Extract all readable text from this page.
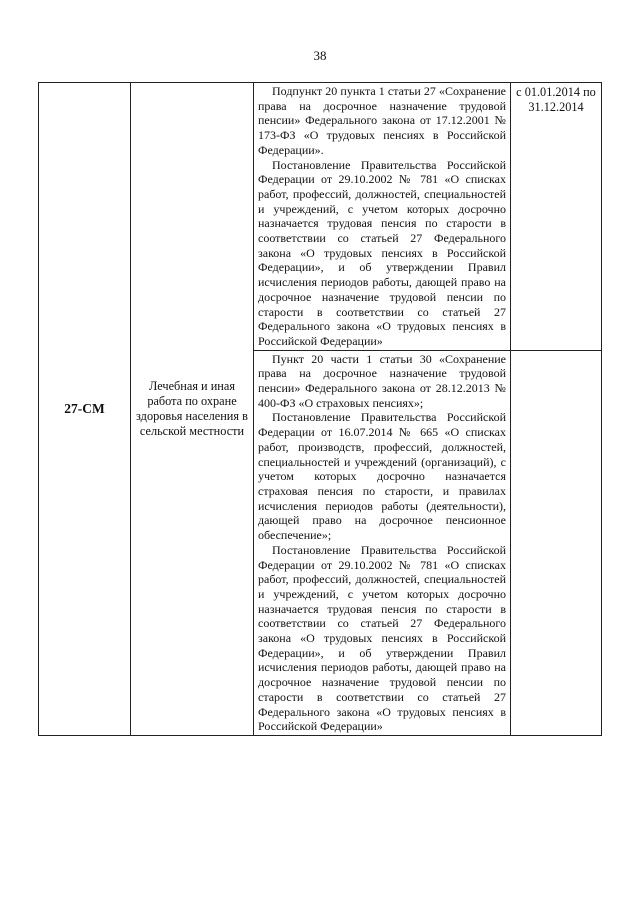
38
27-СМ	Лечебная и иная работа по охране здоровья населения в сельской местности	Подпункт 20 пункта 1 статьи 27 «Сохранение права на досрочное назначение трудовой пенсии» Федерального закона от 17.12.2001 № 173-ФЗ «О трудовых пенсиях в Российской Федерации».

Постановление Правительства Российской Федерации от 29.10.2002 № 781 «О списках работ, профессий, должностей, специальностей и учреждений, с учетом которых досрочно назначается трудовая пенсия по старости в соответствии со статьей 27 Федерального закона «О трудовых пенсиях в Российской Федерации», и об утверждении Правил исчисления периодов работы, дающей право на досрочное назначение трудовой пенсии по старости в соответствии со статьей 27 Федерального закона «О трудовых пенсиях в Российской Федерации»	с 01.01.2014 по 31.12.2014

		Пункт 20 части 1 статьи 30 «Сохранение права на досрочное назначение трудовой пенсии» Федерального закона от 28.12.2013 № 400-ФЗ «О страховых пенсиях»;

Постановление Правительства Российской Федерации от 16.07.2014 № 665 «О списках работ, производств, профессий, должностей, специальностей и учреждений (организаций), с учетом которых досрочно назначается страховая пенсия по старости, и правилах исчисления периодов работы (деятельности), дающей право на досрочное пенсионное обеспечение»;

Постановление Правительства Российской Федерации от 29.10.2002 № 781 «О списках работ, профессий, должностей, специальностей и учреждений, с учетом которых досрочно назначается трудовая пенсия по старости в соответствии со статьей 27 Федерального закона «О трудовых пенсиях в Российской Федерации», и об утверждении Правил исчисления периодов работы, дающей право на досрочное назначение трудовой пенсии по старости в соответствии со статьей 27 Федерального закона «О трудовых пенсиях в Российской Федерации»	
